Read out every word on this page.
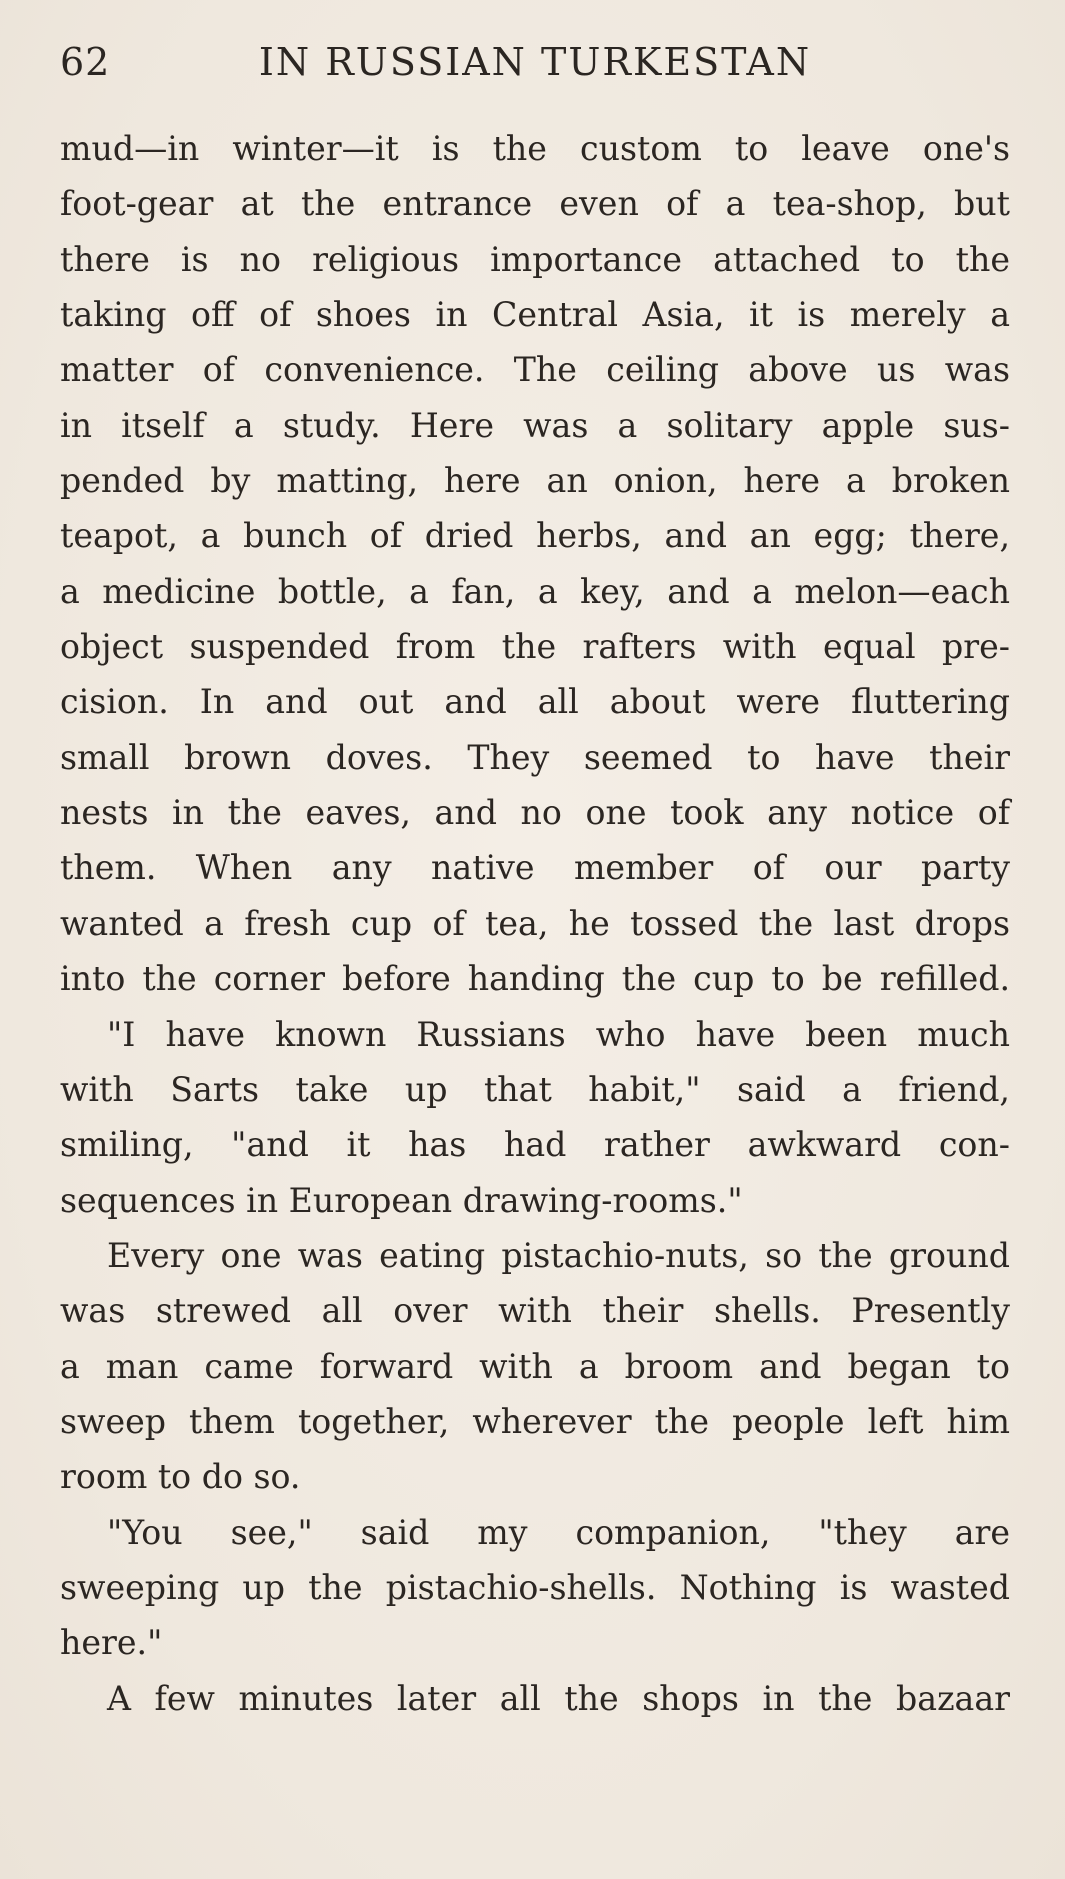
62	IN RUSSIAN TURKESTAN
mud—in winter—it is the custom to leave one's
foot-gear at the entrance even of a tea-shop, but
there is no religious importance attached to the
taking off of shoes in Central Asia, it is merely a
matter of convenience. The ceiling above us was
in itself a study. Here was a solitary apple sus-
pended by matting, here an onion, here a broken
teapot, a bunch of dried herbs, and an egg; there,
a medicine bottle, a fan, a key, and a melon—each
object suspended from the rafters with equal pre-
cision. In and out and all about were fluttering
small brown doves. They seemed to have their
nests in the eaves, and no one took any notice of
them. When any native member of our party
wanted a fresh cup of tea, he tossed the last drops
into the corner before handing the cup to be refilled.
"I have known Russians who have been much
with Sarts take up that habit," said a friend,
smiling, "and it has had rather awkward con-
sequences in European drawing-rooms."
Every one was eating pistachio-nuts, so the ground
was strewed all over with their shells. Presently
a man came forward with a broom and began to
sweep them together, wherever the people left him
room to do so.
"You see," said my companion, "they are
sweeping up the pistachio-shells. Nothing is wasted
here."
A few minutes later all the shops in the bazaar
